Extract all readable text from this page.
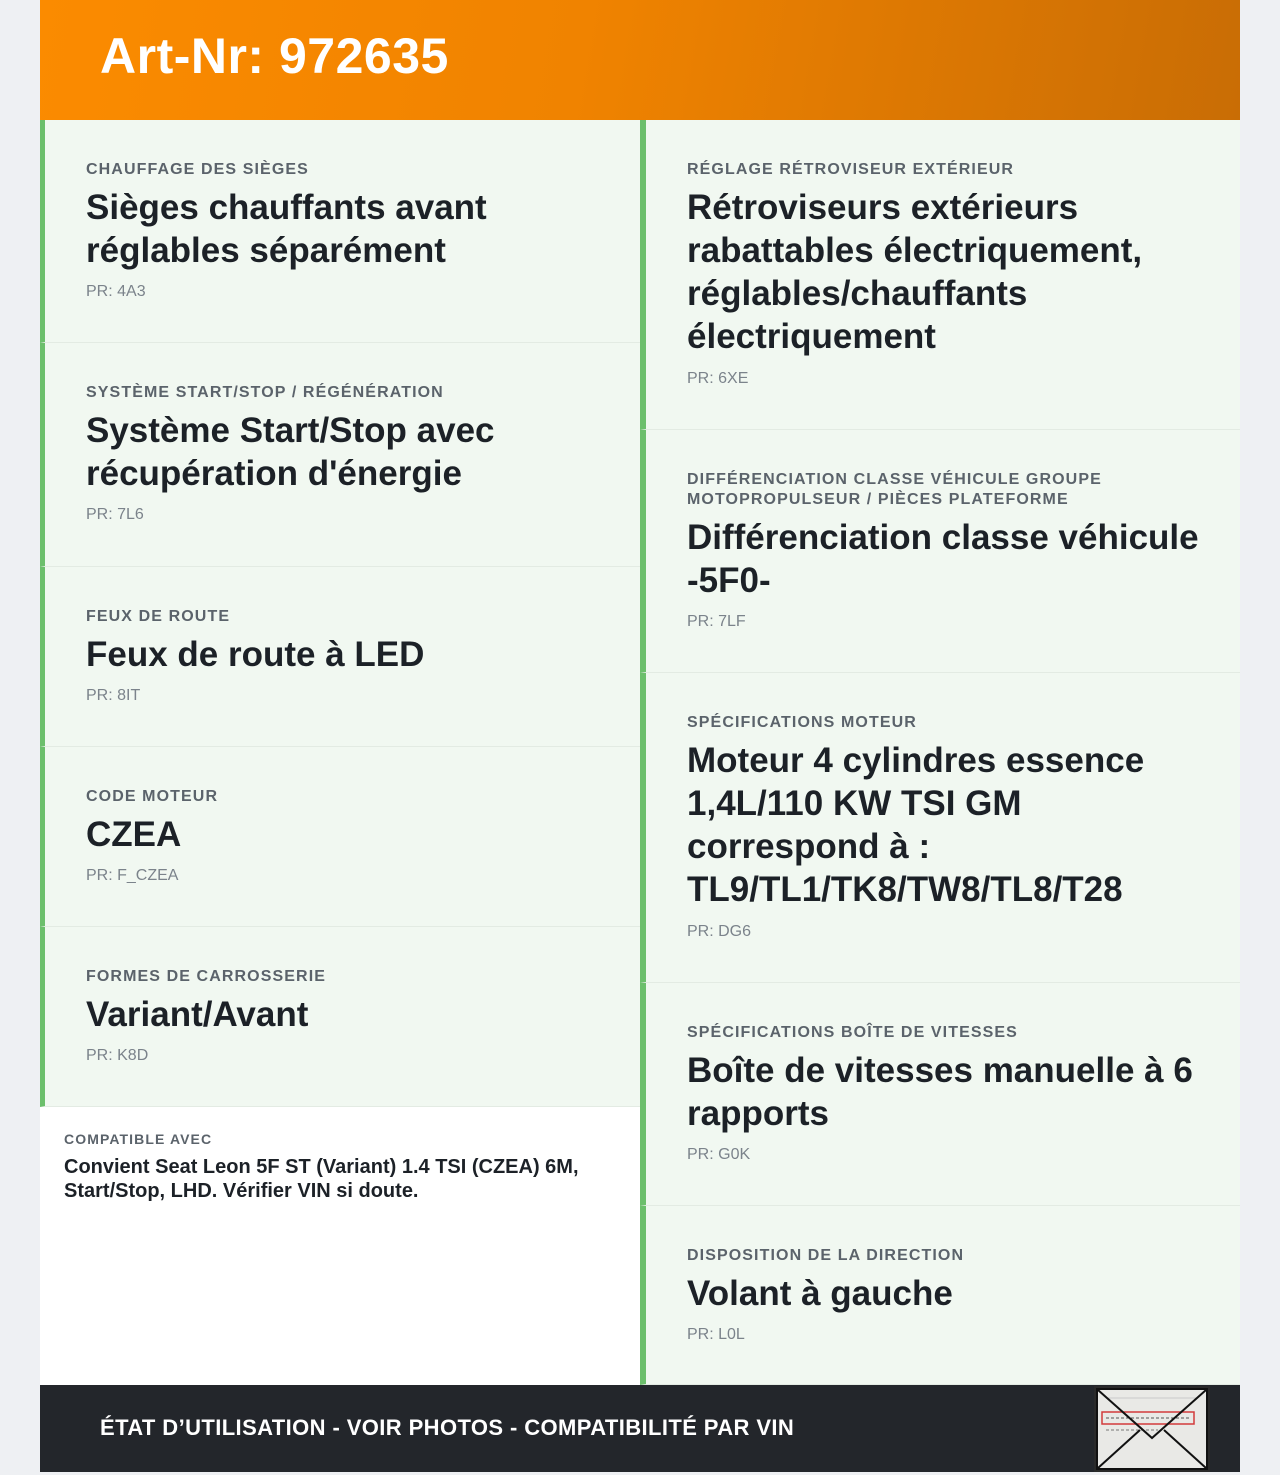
Art-Nr: 972635
CHAUFFAGE DES SIÈGES
Sièges chauffants avant réglables séparément
PR: 4A3
SYSTÈME START/STOP / RÉGÉNÉRATION
Système Start/Stop avec récupération d'énergie
PR: 7L6
FEUX DE ROUTE
Feux de route à LED
PR: 8IT
CODE MOTEUR
CZEA
PR: F_CZEA
FORMES DE CARROSSERIE
Variant/Avant
PR: K8D
COMPATIBLE AVEC
Convient Seat Leon 5F ST (Variant) 1.4 TSI (CZEA) 6M, Start/Stop, LHD. Vérifier VIN si doute.
RÉGLAGE RÉTROVISEUR EXTÉRIEUR
Rétroviseurs extérieurs rabattables électriquement, réglables/chauffants électriquement
PR: 6XE
DIFFÉRENCIATION CLASSE VÉHICULE GROUPE MOTOPROPULSEUR / PIÈCES PLATEFORME
Différenciation classe véhicule -5F0-
PR: 7LF
SPÉCIFICATIONS MOTEUR
Moteur 4 cylindres essence 1,4L/110 KW TSI GM correspond à : TL9/TL1/TK8/TW8/TL8/T28
PR: DG6
SPÉCIFICATIONS BOÎTE DE VITESSES
Boîte de vitesses manuelle à 6 rapports
PR: G0K
DISPOSITION DE LA DIRECTION
Volant à gauche
PR: L0L
ÉTAT D’UTILISATION - VOIR PHOTOS - COMPATIBILITÉ PAR VIN
